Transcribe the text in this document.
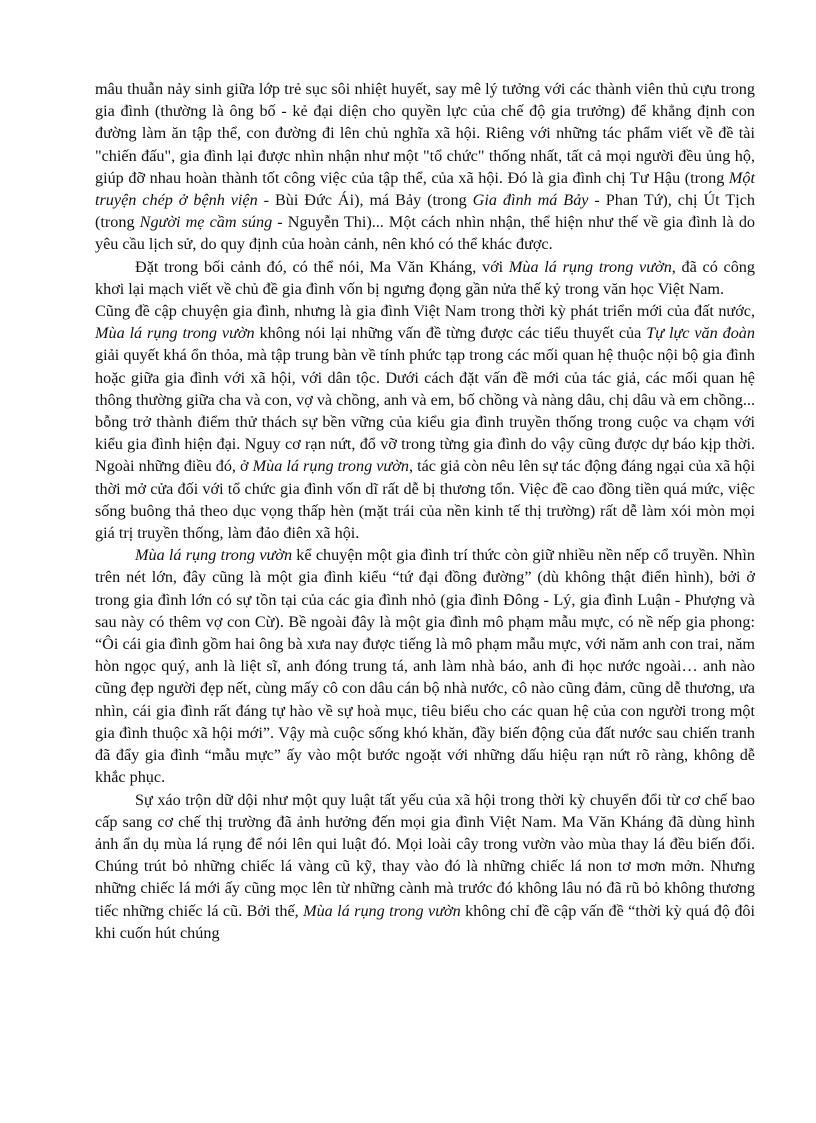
mâu thuẫn nảy sinh giữa lớp trẻ sục sôi nhiệt huyết, say mê lý tưởng với các thành viên thủ cựu trong gia đình (thường là ông bố - kẻ đại diện cho quyền lực của chế độ gia trưởng) để khẳng định con đường làm ăn tập thể, con đường đi lên chủ nghĩa xã hội. Riêng với những tác phẩm viết về đề tài "chiến đấu", gia đình lại được nhìn nhận như một "tổ chức" thống nhất, tất cả mọi người đều ủng hộ, giúp đỡ nhau hoàn thành tốt công việc của tập thể, của xã hội. Đó là gia đình chị Tư Hậu (trong Một truyện chép ở bệnh viện - Bùi Đức Ái), má Bảy (trong Gia đình má Bảy - Phan Tứ), chị Út Tịch (trong Người mẹ cầm súng - Nguyễn Thi)... Một cách nhìn nhận, thể hiện như thế về gia đình là do yêu cầu lịch sử, do quy định của hoàn cảnh, nên khó có thể khác được.

Đặt trong bối cảnh đó, có thể nói, Ma Văn Kháng, với Mùa lá rụng trong vườn, đã có công khơi lại mạch viết về chủ đề gia đình vốn bị ngưng đọng gần nửa thế kỷ trong văn học Việt Nam.

Cũng đề cập chuyện gia đình, nhưng là gia đình Việt Nam trong thời kỳ phát triển mới của đất nước, Mùa lá rụng trong vườn không nói lại những vấn đề từng được các tiểu thuyết của Tự lực văn đoàn giải quyết khá ổn thỏa, mà tập trung bàn về tính phức tạp trong các mối quan hệ thuộc nội bộ gia đình hoặc giữa gia đình với xã hội, với dân tộc. Dưới cách đặt vấn đề mới của tác giả, các mối quan hệ thông thường giữa cha và con, vợ và chồng, anh và em, bố chồng và nàng dâu, chị dâu và em chồng... bỗng trở thành điểm thử thách sự bền vững của kiểu gia đình truyền thống trong cuộc va chạm với kiểu gia đình hiện đại. Nguy cơ rạn nứt, đổ vỡ trong từng gia đình do vậy cũng được dự báo kịp thời. Ngoài những điều đó, ở Mùa lá rụng trong vườn, tác giả còn nêu lên sự tác động đáng ngại của xã hội thời mở cửa đối với tổ chức gia đình vốn dĩ rất dễ bị thương tổn. Việc đề cao đồng tiền quá mức, việc sống buông thả theo dục vọng thấp hèn (mặt trái của nền kinh tế thị trường) rất dễ làm xói mòn mọi giá trị truyền thống, làm đảo điên xã hội.

Mùa lá rụng trong vườn kể chuyện một gia đình trí thức còn giữ nhiều nền nếp cổ truyền. Nhìn trên nét lớn, đây cũng là một gia đình kiểu “tứ đại đồng đường” (dù không thật điển hình), bởi ở trong gia đình lớn có sự tồn tại của các gia đình nhỏ (gia đình Đông - Lý, gia đình Luận - Phượng và sau này có thêm vợ con Cừ). Bề ngoài đây là một gia đình mô phạm mẫu mực, có nề nếp gia phong: “Ôi cái gia đình gồm hai ông bà xưa nay được tiếng là mô phạm mẫu mực, với năm anh con trai, năm hòn ngọc quý, anh là liệt sĩ, anh đóng trung tá, anh làm nhà báo, anh đi học nước ngoài… anh nào cũng đẹp người đẹp nết, cùng mấy cô con dâu cán bộ nhà nước, cô nào cũng đảm, cũng dễ thương, ưa nhìn, cái gia đình rất đáng tự hào về sự hoà mục, tiêu biểu cho các quan hệ của con người trong một gia đình thuộc xã hội mới”. Vậy mà cuộc sống khó khăn, đầy biến động của đất nước sau chiến tranh đã đẩy gia đình “mẫu mực” ấy vào một bước ngoặt với những dấu hiệu rạn nứt rõ ràng, không dễ khắc phục.

Sự xáo trộn dữ dội như một quy luật tất yếu của xã hội trong thời kỳ chuyển đổi từ cơ chế bao cấp sang cơ chế thị trường đã ảnh hưởng đến mọi gia đình Việt Nam. Ma Văn Kháng đã dùng hình ảnh ẩn dụ mùa lá rụng để nói lên qui luật đó. Mọi loài cây trong vườn vào mùa thay lá đều biến đổi. Chúng trút bỏ những chiếc lá vàng cũ kỹ, thay vào đó là những chiếc lá non tơ mơn mởn. Nhưng những chiếc lá mới ấy cũng mọc lên từ những cành mà trước đó không lâu nó đã rũ bỏ không thương tiếc những chiếc lá cũ. Bởi thế, Mùa lá rụng trong vườn không chỉ đề cập vấn đề “thời kỳ quá độ đôi khi cuốn hút chúng
